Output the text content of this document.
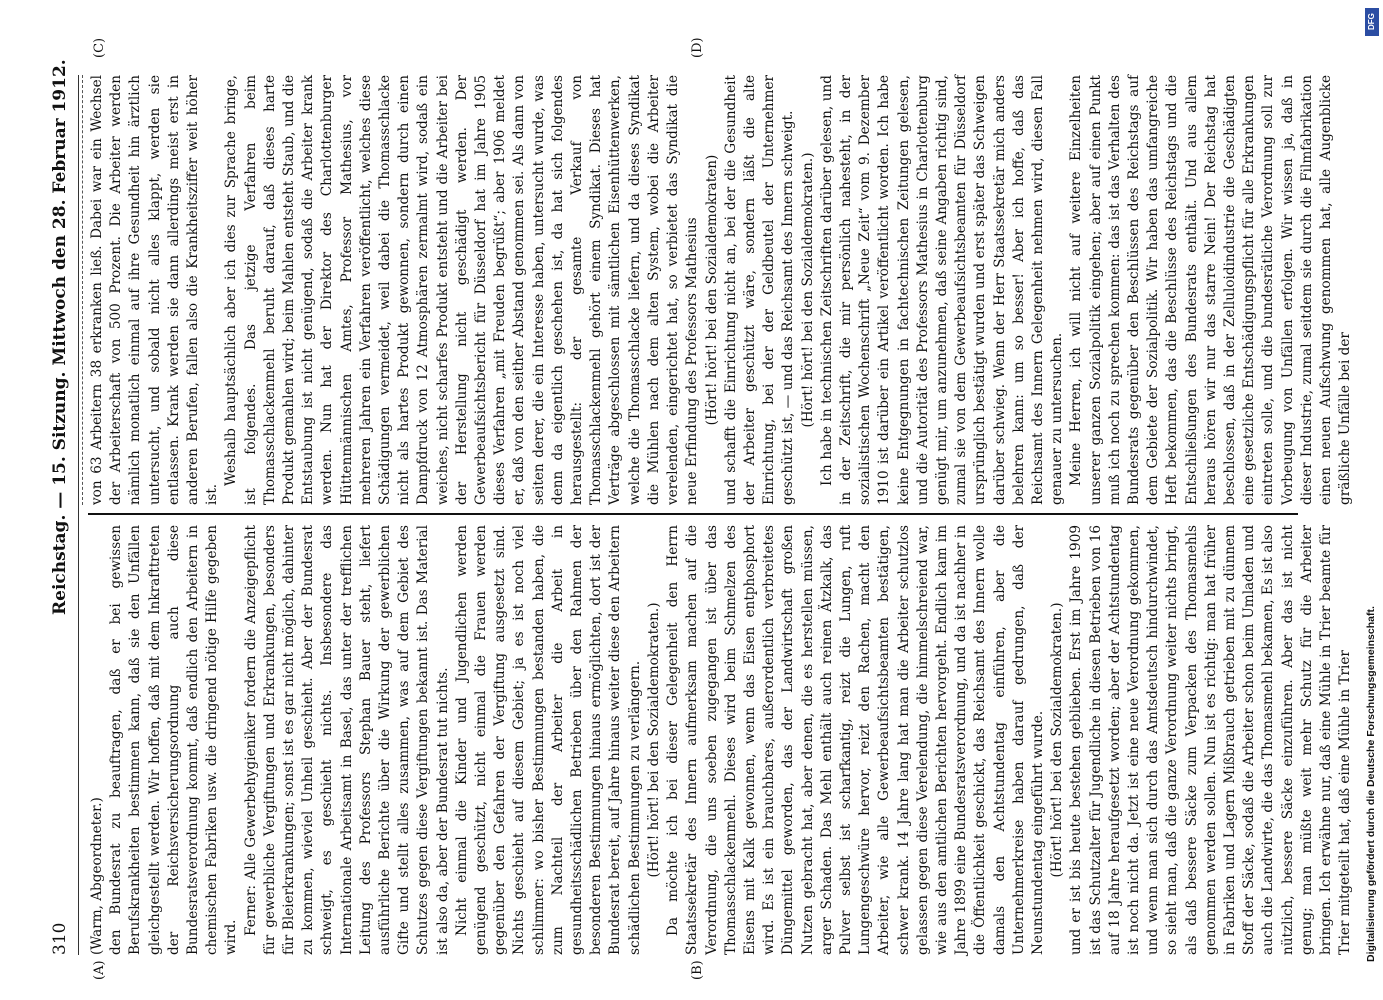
310
Reichstag. — 15. Sitzung. Mittwoch den 28. Februar 1912.
(A)	(B)
(C)	(D)

(Warm, Abgeordneter.) den Bundesrat zu beauftragen, daß er bei gewissen Berufskrankheiten bestimmen kann, daß sie den Unfällen gleichgestellt werden. Wir hoffen, daß mit dem Inkrafttreten der Reichsversicherungsordnung auch diese Bundesratsverordnung kommt, daß endlich den Arbeitern in chemischen Fabriken usw. die dringend nötige Hilfe gegeben wird.

Ferner: Alle Gewerbehygieniker fordern die Anzeigepflicht für gewerbliche Vergiftungen und Erkrankungen, besonders für Bleierkrankungen; sonst ist es gar nicht möglich, dahinter zu kommen, wieviel Unheil geschieht. Aber der Bundesrat schweigt, es geschieht nichts. Insbesondere das Internationale Arbeitsamt in Basel, das unter der trefflichen Leitung des Professors Stephan Bauer steht, liefert ausführliche Berichte über die Wirkung der gewerblichen Gifte und stellt alles zusammen, was auf dem Gebiet des Schutzes gegen diese Vergiftungen bekannt ist. Das Material ist also da, aber der Bundesrat tut nichts. Nicht einmal die Kinder und Jugendlichen werden genügend geschützt, nicht einmal die Frauen werden gegenüber den Gefahren der Vergiftung ausgesetzt sind. Nichts geschieht auf diesem Gebiet; ja es ist noch viel schlimmer: wo bisher Bestimmungen bestanden haben, die zum Nachteil der Arbeiter die Arbeit in gesundheitsschädlichen Betrieben über den Rahmen der besonderen Bestimmungen hinaus ermöglichten, dort ist der Bundesrat bereit, auf Jahre hinaus weiter diese den Arbeitern schädlichen Bestimmungen zu verlängern. (Hört! hört! bei den Sozialdemokraten.) Da möchte ich bei dieser Gelegenheit den Herrn Staatssekretär des Innern aufmerksam machen auf die Verordnung, die uns soeben zugegangen ist über das Thomasschlackenmehl. Dieses wird beim Schmelzen des Eisens mit Kalk gewonnen, wenn das Eisen entphosphort wird. Es ist ein brauchbares, außerordentlich verbreitetes Düngemittel geworden, das der Landwirtschaft großen Nutzen gebracht hat, aber denen, die es herstellen müssen, arger Schaden. Das Mehl enthält auch reinen Ätzkalk, das Pulver selbst ist scharfkantig, reizt die Lungen, ruft Lungengeschwüre hervor, reizt den Rachen, macht den Arbeiter, wie alle Gewerbeaufsichtsbeamten bestätigen, schwer krank. 14 Jahre lang hat man die Arbeiter schutzlos gelassen gegen diese Verelendung, die himmelschreiend war, wie aus den amtlichen Berichten hervorgeht. Endlich kam im Jahre 1899 eine Bundesratsverordnung, und da ist nachher in die Öffentlichkeit geschickt, das Reichsamt des Innern wolle damals den Achtstundentag einführen, aber die Unternehmerkreise haben darauf gedrungen, daß der Neunstundentag eingeführt wurde. (Hört! hört! bei den Sozialdemokraten.) und er ist bis heute bestehen geblieben. Erst im Jahre 1909 ist das Schutzalter für Jugendliche in diesen Betrieben von 16 auf 18 Jahre heraufgesetzt worden; aber der Achtstundentag ist noch nicht da. Jetzt ist eine neue Verordnung gekommen, und wenn man sich durch das Amtsdeutsch hindurchwindet, so sieht man, daß die ganze Verordnung weiter nichts bringt, als daß bessere Säcke zum Verpacken des Thomasmehls genommen werden sollen. Nun ist es richtig: man hat früher in Fabriken und Lagern Mißbrauch getrieben mit zu dünnem Stoff der Säcke, sodaß die Arbeiter schon beim Umladen und auch die Landwirte, die das Thomasmehl bekamen, Es ist also nützlich, bessere Säcke einzuführen. Aber das ist nicht genug; man müßte weit mehr Schutz für die Arbeiter bringen. Ich erwähne nur, daß eine Mühle in Trier beamte für Trier mitgeteilt hat, daß eine Mühle in Trier

von 63 Arbeitern 38 erkranken ließ. Dabei war ein Wechsel der Arbeiterschaft von 500 Prozent. Die Arbeiter werden nämlich monatlich einmal auf ihre Gesundheit hin ärztlich untersucht, und sobald nicht alles klappt, werden sie entlassen. Krank werden sie dann allerdings meist erst in anderen Berufen, fallen also die Krankheitsziffer weit höher ist.

Weshalb hauptsächlich aber ich dies zur Sprache bringe, ist folgendes. Das jetzige Verfahren beim Thomasschlackenmehl beruht darauf, daß dieses harte Produkt gemahlen wird; beim Mahlen entsteht Staub, und die Entstaubung ist nicht genügend, sodaß die Arbeiter krank werden. Nun hat der Direktor des Charlottenburger Hüttenmännischen Amtes, Professor Mathesius, vor mehreren Jahren ein Verfahren veröffentlicht, welches diese Schädigungen vermeidet, weil dabei die Thomasschlacke nicht als hartes Produkt gewonnen, sondern durch einen Dampfdruck von 12 Atmosphären zermalmt wird, sodaß ein weiches, nicht scharfes Produkt entsteht und die Arbeiter bei der Herstellung nicht geschädigt werden. Der Gewerbeaufsichtsbericht für Düsseldorf hat im Jahre 1905 dieses Verfahren „mit Freuden begrüßt“; aber 1906 meldet er, daß von den seither Abstand genommen sei. Als dann von seiten derer, die ein Interesse haben, untersucht wurde, was denn da eigentlich geschehen ist, da hat sich folgendes herausgestellt: der gesamte Verkauf von Thomasschlackenmehl gehört einem Syndikat. Dieses hat Verträge abgeschlossen mit sämtlichen Eisenhüttenwerken, welche die Thomasschlacke liefern, und da dieses Syndikat die Mühlen nach dem alten System, wobei die Arbeiter verelenden, eingerichtet hat, so verbietet das Syndikat die neue Erfindung des Professors Mathesius (Hört! hört! bei den Sozialdemokraten) und schafft die Einrichtung nicht an, bei der die Gesundheit der Arbeiter geschützt wäre, sondern läßt die alte Einrichtung, bei der der Geldbeutel der Unternehmer geschützt ist, — und das Reichsamt des Innern schweigt. (Hört! hört! bei den Sozialdemokraten.) Ich habe in technischen Zeitschriften darüber gelesen, und in der Zeitschrift, die mir persönlich nahesteht, in der sozialistischen Wochenschrift „Neue Zeit“ vom 9. Dezember 1910 ist darüber ein Artikel veröffentlicht worden. Ich habe keine Entgegnungen in fachtechnischen Zeitungen gelesen, und die Autorität des Professors Mathesius in Charlottenburg genügt mir, um anzunehmen, daß seine Angaben richtig sind, zumal sie von dem Gewerbeaufsichtsbeamten für Düsseldorf ursprünglich bestätigt wurden und erst später das Schweigen darüber schwieg. Wenn der Herr Staatssekretär mich anders belehren kann: um so besser! Aber ich hoffe, daß das Reichsamt des Innern Gelegenheit nehmen wird, diesen Fall genauer zu untersuchen. Meine Herren, ich will nicht auf weitere Einzelheiten unserer ganzen Sozialpolitik eingehen; aber auf einen Punkt muß ich noch zu sprechen kommen: das ist das Verhalten des Bundesrats gegenüber den Beschlüssen des Reichstags auf dem Gebiete der Sozialpolitik. Wir haben das umfangreiche Heft bekommen, das die Beschlüsse des Reichstags und die Entschließungen des Bundesrats enthält. Und aus allem heraus hören wir nur das starre Nein! Der Reichstag hat beschlossen, daß in der Zelluloidindustrie die Geschädigten eine gesetzliche Entschädigungspflicht für alle Erkrankungen eintreten solle, und die bundesrätliche Verordnung soll zur Vorbeugung von Unfällen erfolgen. Wir wissen ja, daß in dieser Industrie, zumal seitdem sie durch die Filmfabrikation einen neuen Aufschwung genommen hat, alle Augenblicke gräßliche Unfälle bei der

DFG
Digitalisierung gefördert durch die Deutsche Forschungsgemeinschaft.
